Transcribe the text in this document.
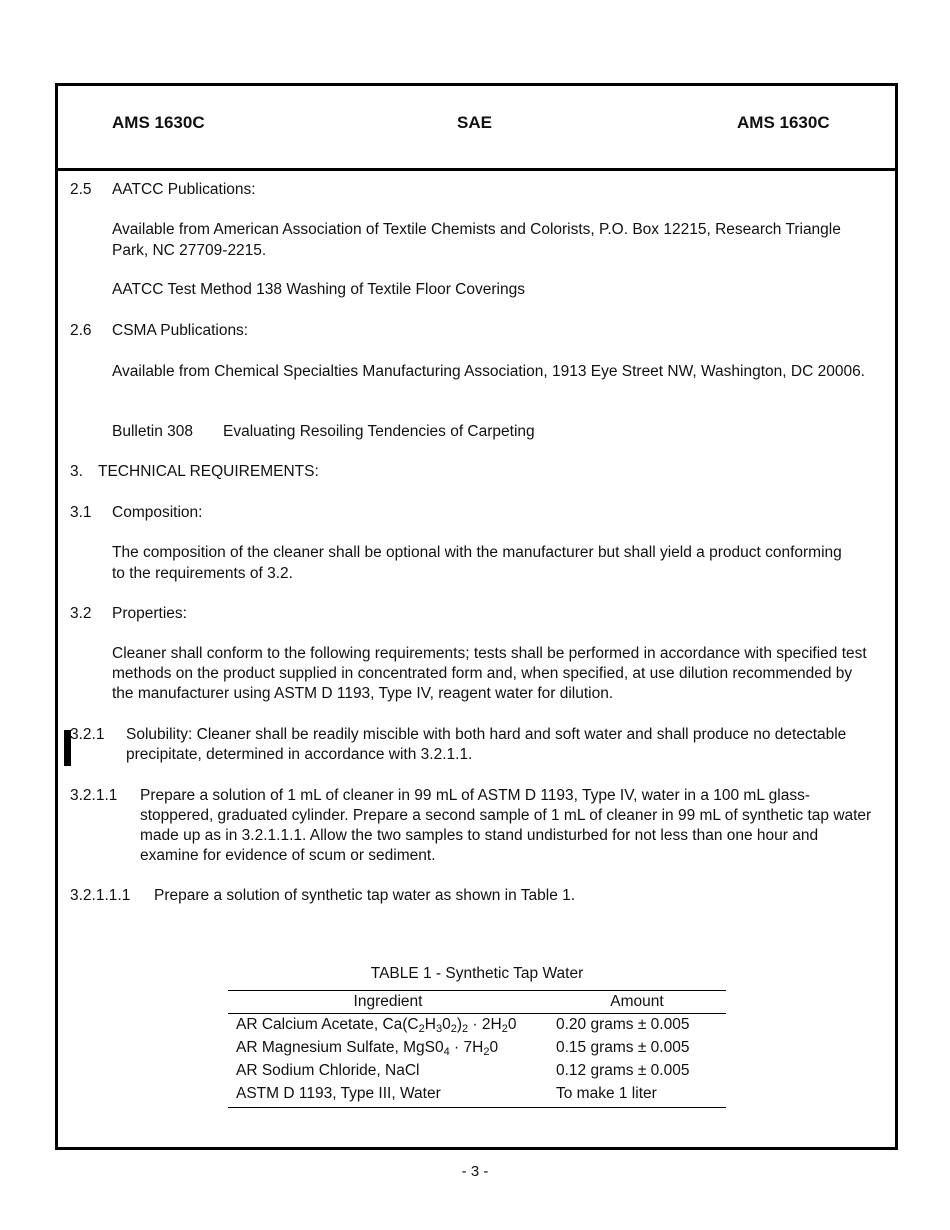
AMS 1630C	SAE	AMS 1630C
2.5 AATCC Publications:

Available from American Association of Textile Chemists and Colorists, P.O. Box 12215, Research Triangle Park, NC 27709-2215.

AATCC Test Method 138 Washing of Textile Floor Coverings
2.6 CSMA Publications:

Available from Chemical Specialties Manufacturing Association, 1913 Eye Street NW, Washington, DC 20006.

Bulletin 308 Evaluating Resoiling Tendencies of Carpeting
3. TECHNICAL REQUIREMENTS:
3.1 Composition:

The composition of the cleaner shall be optional with the manufacturer but shall yield a product conforming to the requirements of 3.2.

3.2 Properties:

Cleaner shall conform to the following requirements; tests shall be performed in accordance with specified test methods on the product supplied in concentrated form and, when specified, at use dilution recommended by the manufacturer using ASTM D 1193, Type IV, reagent water for dilution.

3.2.1 Solubility: Cleaner shall be readily miscible with both hard and soft water and shall produce no detectable precipitate, determined in accordance with 3.2.1.1.

3.2.1.1 Prepare a solution of 1 mL of cleaner in 99 mL of ASTM D 1193, Type IV, water in a 100 mL glass-stoppered, graduated cylinder. Prepare a second sample of 1 mL of cleaner in 99 mL of synthetic tap water made up as in 3.2.1.1.1. Allow the two samples to stand undisturbed for not less than one hour and examine for evidence of scum or sediment.

3.2.1.1.1 Prepare a solution of synthetic tap water as shown in Table 1.
TABLE 1 - Synthetic Tap Water
Ingredient	Amount
AR Calcium Acetate, $Ca(C_2H_30_2)_2 \cdot 2H_20$	0.20 grams ± 0.005
AR Magnesium Sulfate, $MgS0_4 \cdot 7H_20$	0.15 grams ± 0.005
AR Sodium Chloride, NaCl	0.12 grams ± 0.005
ASTM D 1193, Type III, Water	To make 1 liter
- 3 -
